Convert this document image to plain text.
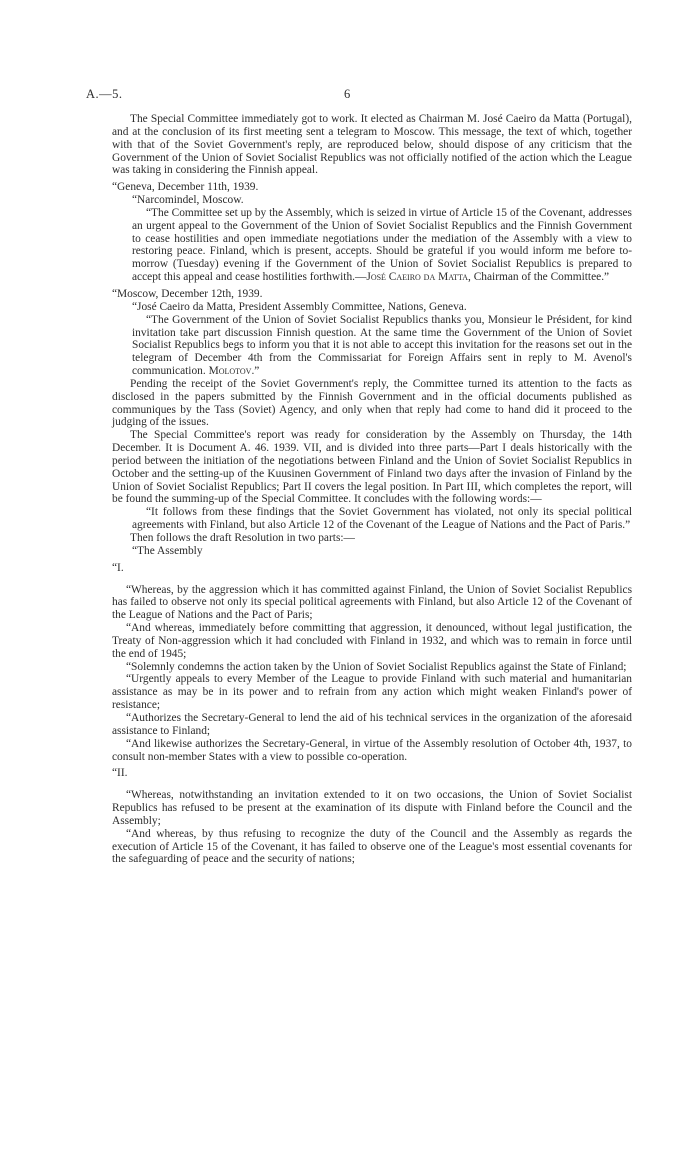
A.—5.	6

The Special Committee immediately got to work. It elected as Chairman M. José Caeiro da Matta (Portugal), and at the conclusion of its first meeting sent a telegram to Moscow. This message, the text of which, together with that of the Soviet Government's reply, are reproduced below, should dispose of any criticism that the Government of the Union of Soviet Socialist Republics was not officially notified of the action which the League was taking in considering the Finnish appeal.

“Geneva, December 11th, 1939.

“Narcomindel, Moscow.

“The Committee set up by the Assembly, which is seized in virtue of Article 15 of the Covenant, addresses an urgent appeal to the Government of the Union of Soviet Socialist Republics and the Finnish Government to cease hostilities and open immediate negotiations under the mediation of the Assembly with a view to restoring peace. Finland, which is present, accepts. Should be grateful if you would inform me before to-morrow (Tuesday) evening if the Government of the Union of Soviet Socialist Republics is prepared to accept this appeal and cease hostilities forthwith.—José Caeiro da Matta, Chairman of the Committee.”

“Moscow, December 12th, 1939.

“José Caeiro da Matta, President Assembly Committee, Nations, Geneva.

“The Government of the Union of Soviet Socialist Republics thanks you, Monsieur le Président, for kind invitation take part discussion Finnish question. At the same time the Government of the Union of Soviet Socialist Republics begs to inform you that it is not able to accept this invitation for the reasons set out in the telegram of December 4th from the Commissariat for Foreign Affairs sent in reply to M. Avenol's communication. Molotov.”

Pending the receipt of the Soviet Government's reply, the Committee turned its attention to the facts as disclosed in the papers submitted by the Finnish Government and in the official documents published as communiques by the Tass (Soviet) Agency, and only when that reply had come to hand did it proceed to the judging of the issues.

The Special Committee's report was ready for consideration by the Assembly on Thursday, the 14th December. It is Document A. 46. 1939. VII, and is divided into three parts—Part I deals historically with the period between the initiation of the negotiations between Finland and the Union of Soviet Socialist Republics in October and the setting-up of the Kuusinen Government of Finland two days after the invasion of Finland by the Union of Soviet Socialist Republics; Part II covers the legal position. In Part III, which completes the report, will be found the summing-up of the Special Committee. It concludes with the following words:—

“It follows from these findings that the Soviet Government has violated, not only its special political agreements with Finland, but also Article 12 of the Covenant of the League of Nations and the Pact of Paris.”

Then follows the draft Resolution in two parts:—

“The Assembly

“I.

“Whereas, by the aggression which it has committed against Finland, the Union of Soviet Socialist Republics has failed to observe not only its special political agreements with Finland, but also Article 12 of the Covenant of the League of Nations and the Pact of Paris;

“And whereas, immediately before committing that aggression, it denounced, without legal justification, the Treaty of Non-aggression which it had concluded with Finland in 1932, and which was to remain in force until the end of 1945;

“Solemnly condemns the action taken by the Union of Soviet Socialist Republics against the State of Finland;

“Urgently appeals to every Member of the League to provide Finland with such material and humanitarian assistance as may be in its power and to refrain from any action which might weaken Finland's power of resistance;

“Authorizes the Secretary-General to lend the aid of his technical services in the organization of the aforesaid assistance to Finland;

“And likewise authorizes the Secretary-General, in virtue of the Assembly resolution of October 4th, 1937, to consult non-member States with a view to possible co-operation.

“II.

“Whereas, notwithstanding an invitation extended to it on two occasions, the Union of Soviet Socialist Republics has refused to be present at the examination of its dispute with Finland before the Council and the Assembly;

“And whereas, by thus refusing to recognize the duty of the Council and the Assembly as regards the execution of Article 15 of the Covenant, it has failed to observe one of the League's most essential covenants for the safeguarding of peace and the security of nations;
